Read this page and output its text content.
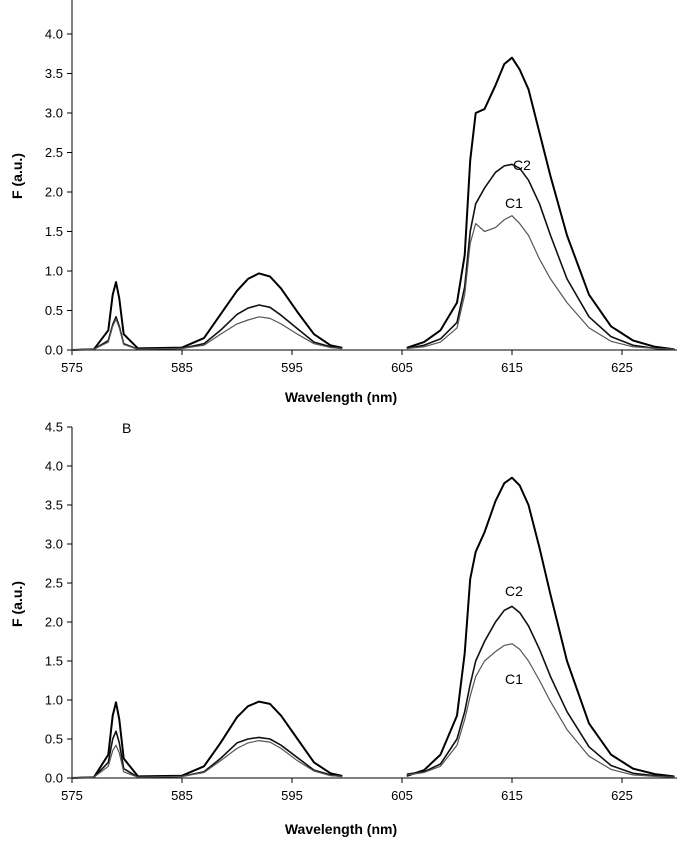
0.0
0.5
1.0
1.5
2.0
2.5
3.0
3.5
4.0
575	585	595	605	615	625
Wavelength (nm)
F (a.u.)	C2
C1
0.0
0.5
1.0
1.5
2.0
2.5
3.0
3.5
4.0
4.5
575	585	595	605	615	625
B
Wavelength (nm)
F (a.u.)	C2
C1
